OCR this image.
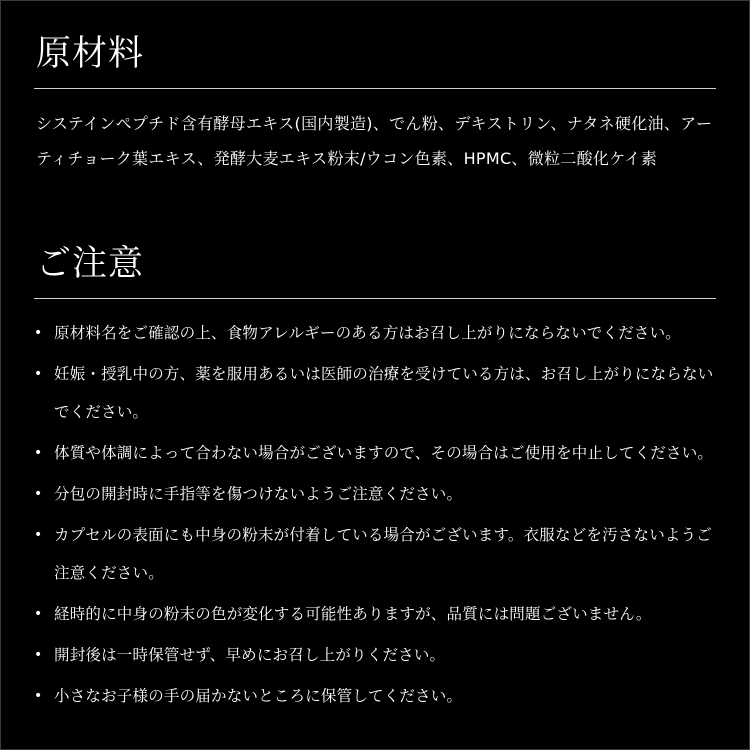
原材料

システインペプチド含有酵母エキス(国内製造)、でん粉、デキストリン、ナタネ硬化油、アーティチョーク葉エキス、発酵大麦エキス粉末/ウコン色素、HPMC、微粒二酸化ケイ素

ご注意
• 原材料名をご確認の上、食物アレルギーのある方はお召し上がりにならないでください。
• 妊娠・授乳中の方、薬を服用あるいは医師の治療を受けている方は、お召し上がりにならないでください。
• 体質や体調によって合わない場合がございますので、その場合はご使用を中止してください。
• 分包の開封時に手指等を傷つけないようご注意ください。
• カプセルの表面にも中身の粉末が付着している場合がございます。衣服などを汚さないようご注意ください。
• 経時的に中身の粉末の色が変化する可能性ありますが、品質には問題ございません。
• 開封後は一時保管せず、早めにお召し上がりください。
• 小さなお子様の手の届かないところに保管してください。
